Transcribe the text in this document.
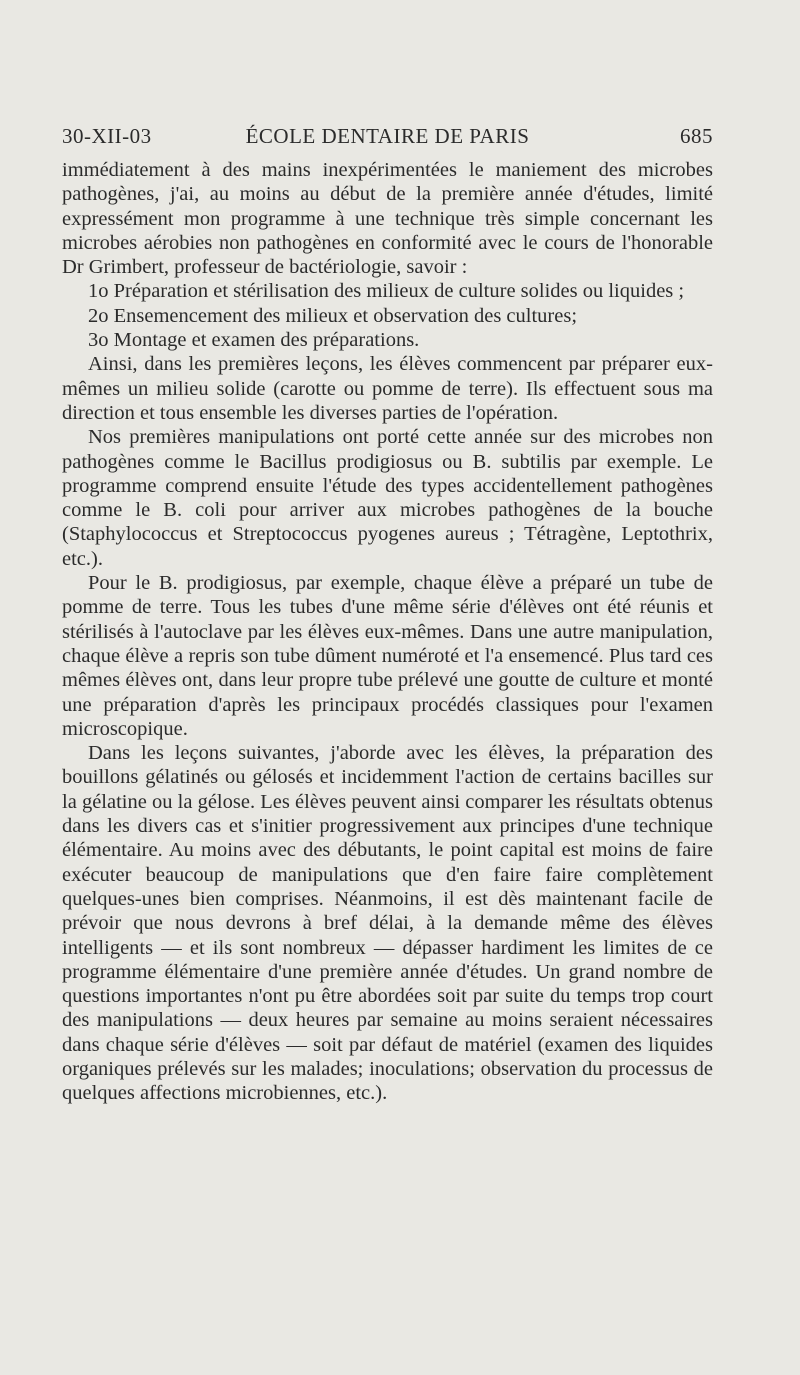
30-XII-03	ÉCOLE DENTAIRE DE PARIS	685

immédiatement à des mains inexpérimentées le maniement des microbes pathogènes, j'ai, au moins au début de la première année d'études, limité expressément mon programme à une technique très simple concernant les microbes aérobies non pathogènes en conformité avec le cours de l'honorable Dr Grimbert, professeur de bactériologie, savoir :

1o Préparation et stérilisation des milieux de culture solides ou liquides ;

2o Ensemencement des milieux et observation des cultures;

3o Montage et examen des préparations.

Ainsi, dans les premières leçons, les élèves commencent par préparer eux-mêmes un milieu solide (carotte ou pomme de terre). Ils effectuent sous ma direction et tous ensemble les diverses parties de l'opération.

Nos premières manipulations ont porté cette année sur des microbes non pathogènes comme le Bacillus prodigiosus ou B. subtilis par exemple. Le programme comprend ensuite l'étude des types accidentellement pathogènes comme le B. coli pour arriver aux microbes pathogènes de la bouche (Staphylococcus et Streptococcus pyogenes aureus ; Tétragène, Leptothrix, etc.).

Pour le B. prodigiosus, par exemple, chaque élève a préparé un tube de pomme de terre. Tous les tubes d'une même série d'élèves ont été réunis et stérilisés à l'autoclave par les élèves eux-mêmes. Dans une autre manipulation, chaque élève a repris son tube dûment numéroté et l'a ensemencé. Plus tard ces mêmes élèves ont, dans leur propre tube prélevé une goutte de culture et monté une préparation d'après les principaux procédés classiques pour l'examen microscopique.

Dans les leçons suivantes, j'aborde avec les élèves, la préparation des bouillons gélatinés ou gélosés et incidemment l'action de certains bacilles sur la gélatine ou la gélose. Les élèves peuvent ainsi comparer les résultats obtenus dans les divers cas et s'initier progressivement aux principes d'une technique élémentaire. Au moins avec des débutants, le point capital est moins de faire exécuter beaucoup de manipulations que d'en faire faire complètement quelques-unes bien comprises. Néanmoins, il est dès maintenant facile de prévoir que nous devrons à bref délai, à la demande même des élèves intelligents — et ils sont nombreux — dépasser hardiment les limites de ce programme élémentaire d'une première année d'études. Un grand nombre de questions importantes n'ont pu être abordées soit par suite du temps trop court des manipulations — deux heures par semaine au moins seraient nécessaires dans chaque série d'élèves — soit par défaut de matériel (examen des liquides organiques prélevés sur les malades; inoculations; observation du processus de quelques affections microbiennes, etc.).
